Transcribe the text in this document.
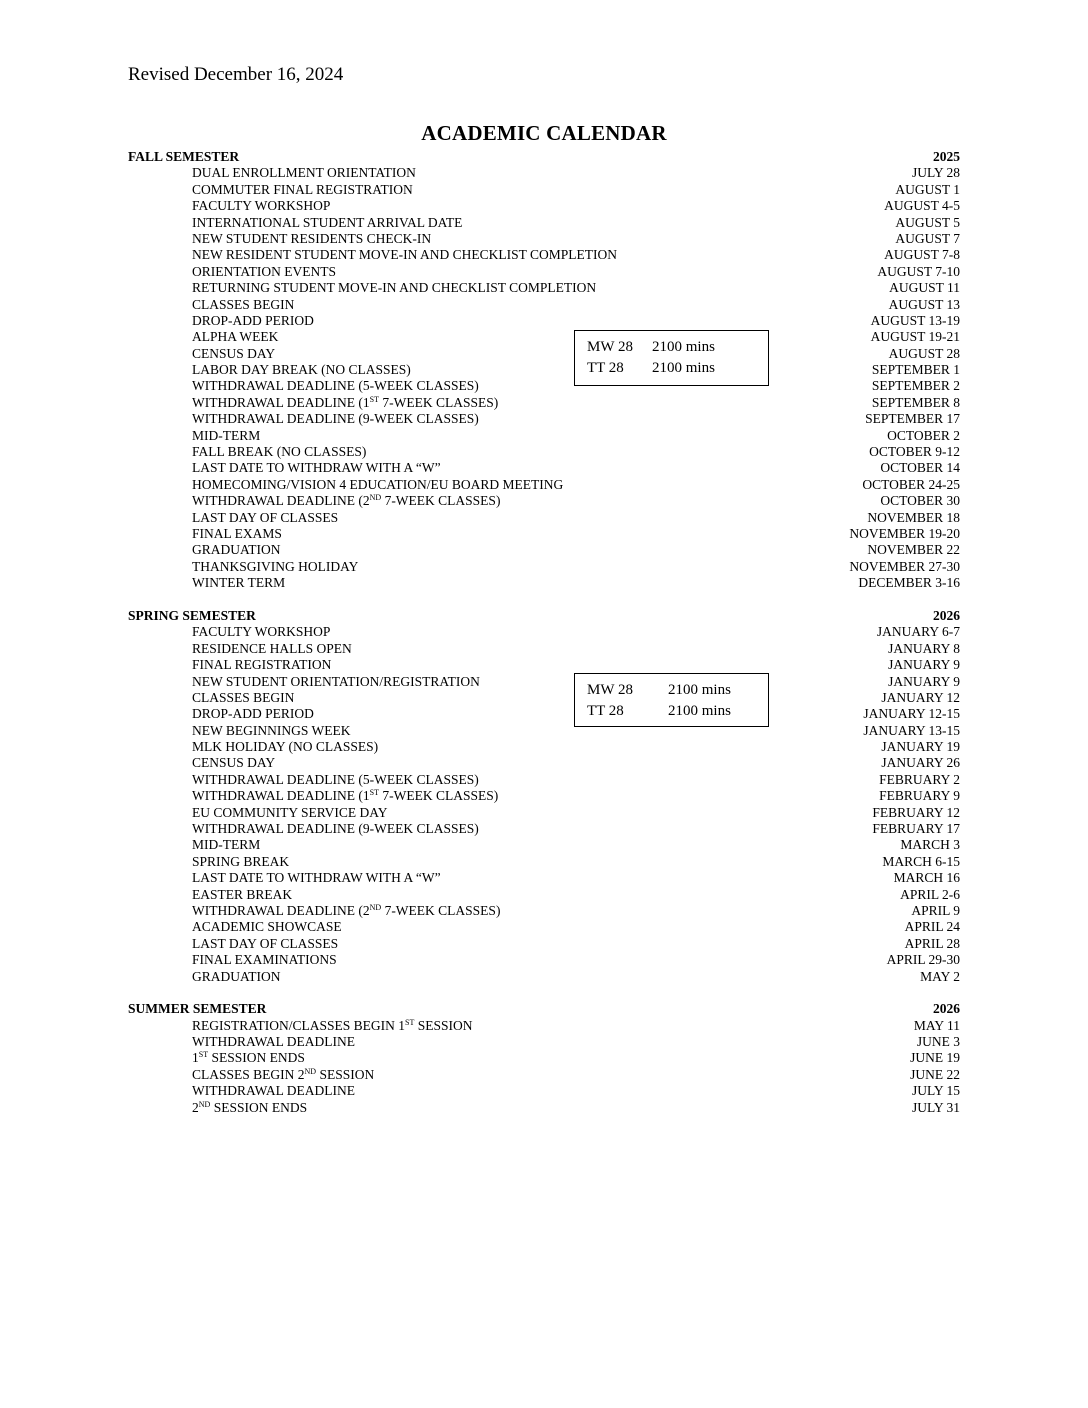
Revised December 16, 2024
ACADEMIC CALENDAR
FALL SEMESTER	2025
DUAL ENROLLMENT ORIENTATION	JULY 28
COMMUTER FINAL REGISTRATION	AUGUST 1
FACULTY WORKSHOP	AUGUST 4-5
INTERNATIONAL STUDENT ARRIVAL DATE	AUGUST 5
NEW STUDENT RESIDENTS CHECK-IN	AUGUST 7
NEW RESIDENT STUDENT MOVE-IN AND CHECKLIST COMPLETION	AUGUST 7-8
ORIENTATION EVENTS	AUGUST 7-10
RETURNING STUDENT MOVE-IN AND CHECKLIST COMPLETION	AUGUST 11
CLASSES BEGIN	AUGUST 13
DROP-ADD PERIOD	AUGUST 13-19
ALPHA WEEK	AUGUST 19-21
CENSUS DAY	AUGUST 28
LABOR DAY BREAK (NO CLASSES)	SEPTEMBER 1
WITHDRAWAL DEADLINE (5-WEEK CLASSES)	SEPTEMBER 2
WITHDRAWAL DEADLINE (1ST 7-WEEK CLASSES)	SEPTEMBER 8
WITHDRAWAL DEADLINE (9-WEEK CLASSES)	SEPTEMBER 17
MID-TERM	OCTOBER 2
FALL BREAK (NO CLASSES)	OCTOBER 9-12
LAST DATE TO WITHDRAW WITH A “W”	OCTOBER 14
HOMECOMING/VISION 4 EDUCATION/EU BOARD MEETING	OCTOBER 24-25
WITHDRAWAL DEADLINE (2ND 7-WEEK CLASSES)	OCTOBER 30
LAST DAY OF CLASSES	NOVEMBER 18
FINAL EXAMS	NOVEMBER 19-20
GRADUATION	NOVEMBER 22
THANKSGIVING HOLIDAY	NOVEMBER 27-30
WINTER TERM	DECEMBER 3-16
SPRING SEMESTER	2026
FACULTY WORKSHOP	JANUARY 6-7
RESIDENCE HALLS OPEN	JANUARY 8
FINAL REGISTRATION	JANUARY 9
NEW STUDENT ORIENTATION/REGISTRATION	JANUARY 9
CLASSES BEGIN	JANUARY 12
DROP-ADD PERIOD	JANUARY 12-15
NEW BEGINNINGS WEEK	JANUARY 13-15
MLK HOLIDAY (NO CLASSES)	JANUARY 19
CENSUS DAY	JANUARY 26
WITHDRAWAL DEADLINE (5-WEEK CLASSES)	FEBRUARY 2
WITHDRAWAL DEADLINE (1ST 7-WEEK CLASSES)	FEBRUARY 9
EU COMMUNITY SERVICE DAY	FEBRUARY 12
WITHDRAWAL DEADLINE (9-WEEK CLASSES)	FEBRUARY 17
MID-TERM	MARCH 3
SPRING BREAK	MARCH 6-15
LAST DATE TO WITHDRAW WITH A “W”	MARCH 16
EASTER BREAK	APRIL 2-6
WITHDRAWAL DEADLINE (2ND 7-WEEK CLASSES)	APRIL 9
ACADEMIC SHOWCASE	APRIL 24
LAST DAY OF CLASSES	APRIL 28
FINAL EXAMINATIONS	APRIL 29-30
GRADUATION	MAY 2
SUMMER SEMESTER	2026
REGISTRATION/CLASSES BEGIN 1ST SESSION	MAY 11
WITHDRAWAL DEADLINE	JUNE 3
1ST SESSION ENDS	JUNE 19
CLASSES BEGIN 2ND SESSION	JUNE 22
WITHDRAWAL DEADLINE	JULY 15
2ND SESSION ENDS	JULY 31
MW 28 2100 mins
TT 28 2100 mins
MW 28 2100 mins
TT 28	2100 mins
